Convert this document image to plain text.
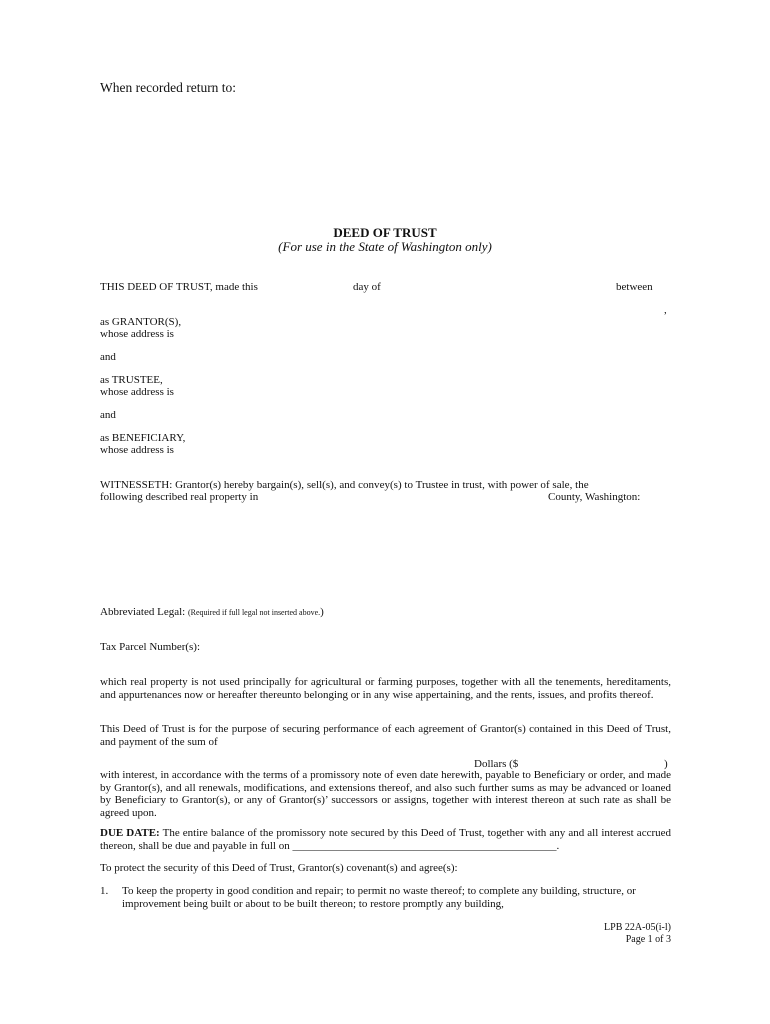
When recorded return to:
DEED OF TRUST
(For use in the State of Washington only)
THIS DEED OF TRUST, made this	day of	between
,
as GRANTOR(S),
whose address is
and
as TRUSTEE,
whose address is
and
as BENEFICIARY,
whose address is
WITNESSETH: Grantor(s) hereby bargain(s), sell(s), and convey(s) to Trustee in trust, with power of sale, the
following described real property in	County, Washington:
Abbreviated Legal: (Required if full legal not inserted above.)
Tax Parcel Number(s):
which real property is not used principally for agricultural or farming purposes, together with all the tenements, hereditaments, and appurtenances now or hereafter thereunto belonging or in any wise appertaining, and the rents, issues, and profits thereof.
This Deed of Trust is for the purpose of securing performance of each agreement of Grantor(s) contained in this Deed of Trust, and payment of the sum of
Dollars ($	)
with interest, in accordance with the terms of a promissory note of even date herewith, payable to Beneficiary or order, and made by Grantor(s), and all renewals, modifications, and extensions thereof, and also such further sums as may be advanced or loaned by Beneficiary to Grantor(s), or any of Grantor(s)’ successors or assigns, together with interest thereon at such rate as shall be agreed upon.
DUE DATE: The entire balance of the promissory note secured by this Deed of Trust, together with any and all interest accrued thereon, shall be due and payable in full on ________________________________________________.
To protect the security of this Deed of Trust, Grantor(s) covenant(s) and agree(s):
1. To keep the property in good condition and repair; to permit no waste thereof; to complete any building, structure, or improvement being built or about to be built thereon; to restore promptly any building,
LPB 22A-05(i-l)
Page 1 of 3
